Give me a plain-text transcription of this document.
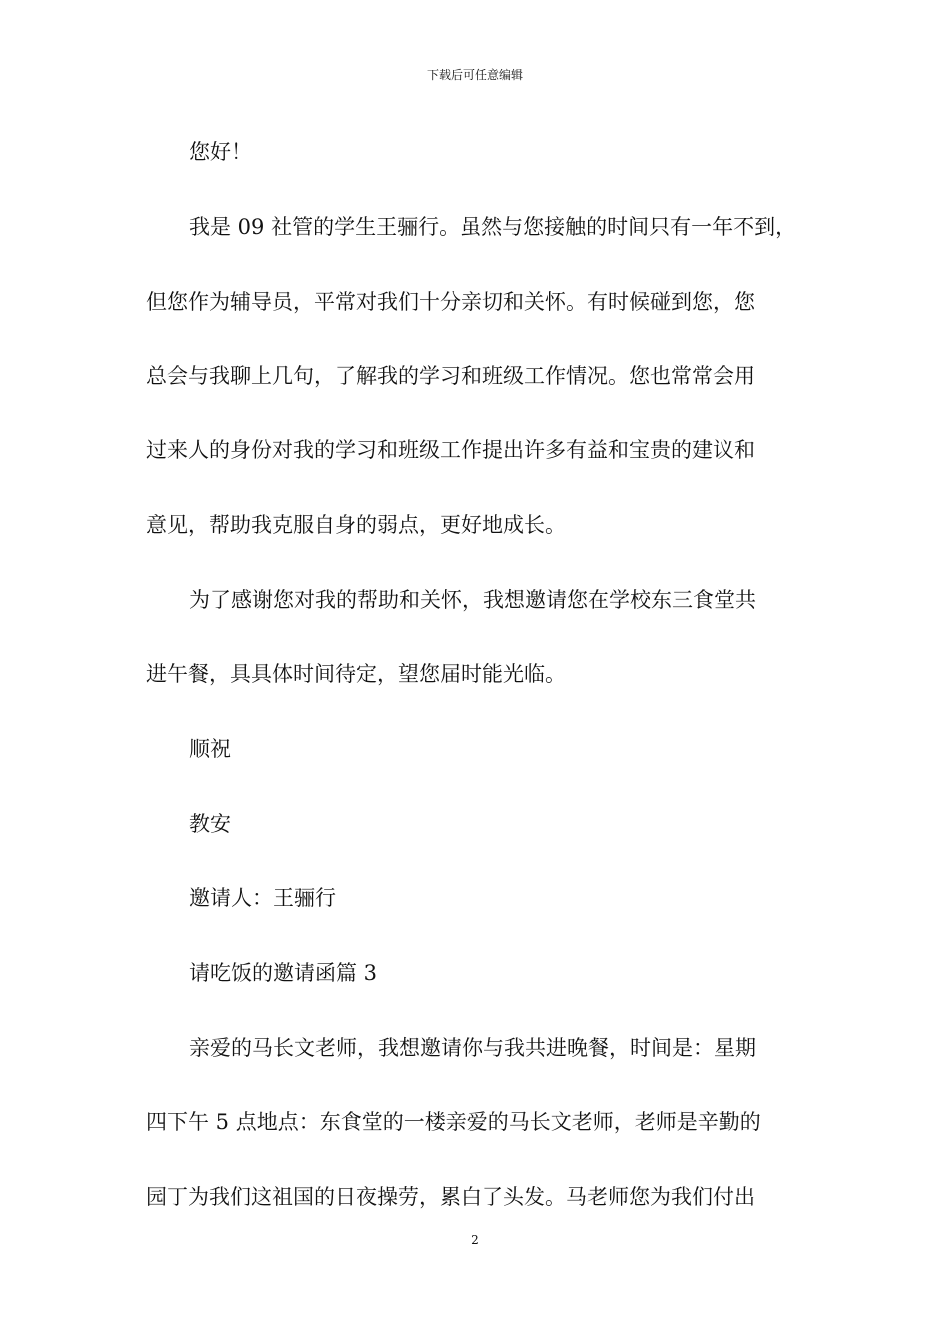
下载后可任意编辑
您好！
我是 09 社管的学生王骊行。虽然与您接触的时间只有一年不到，
但您作为辅导员，平常对我们十分亲切和关怀。有时候碰到您，您
总会与我聊上几句，了解我的学习和班级工作情况。您也常常会用
过来人的身份对我的学习和班级工作提出许多有益和宝贵的建议和
意见，帮助我克服自身的弱点，更好地成长。
为了感谢您对我的帮助和关怀，我想邀请您在学校东三食堂共
进午餐，具具体时间待定，望您届时能光临。
顺祝
教安
邀请人：王骊行
请吃饭的邀请函篇 3
亲爱的马长文老师，我想邀请你与我共进晚餐，时间是：星期
四下午 5 点地点：东食堂的一楼亲爱的马长文老师，老师是辛勤的
园丁为我们这祖国的日夜操劳，累白了头发。马老师您为我们付出
2
